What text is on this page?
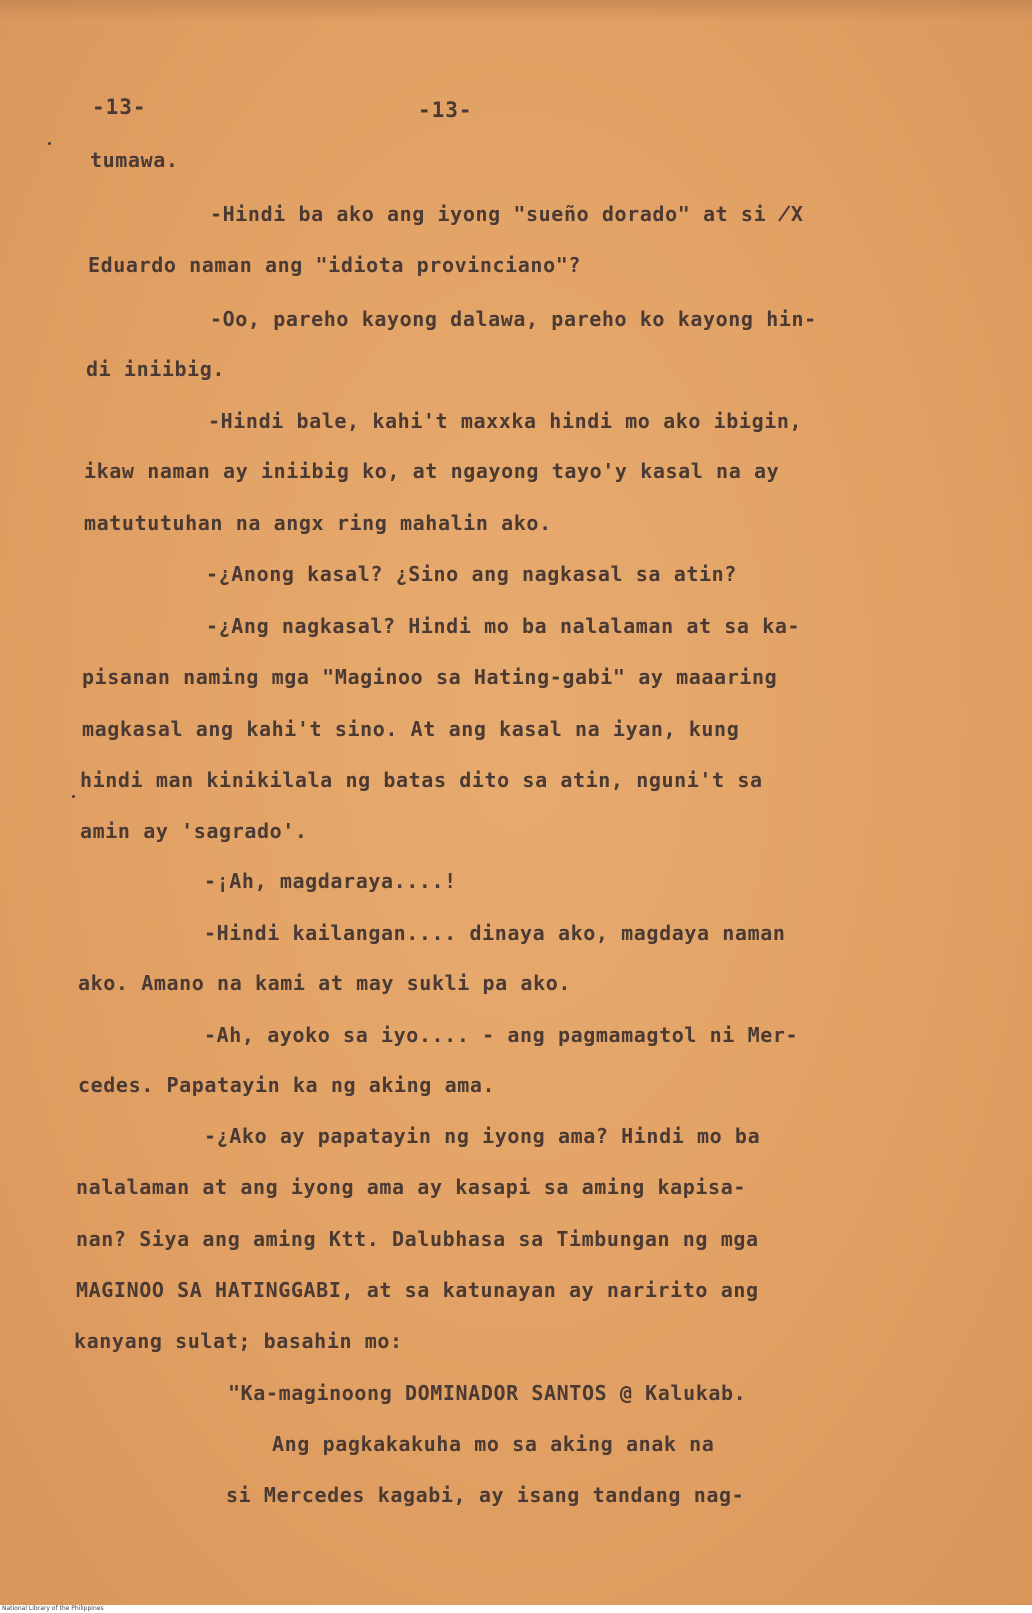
-13-	-13-
tumawa.
-Hindi ba ako ang iyong "sueño dorado" at si ̸X
Eduardo naman ang "idiota provinciano"?
-Oo, pareho kayong dalawa, pareho ko kayong hin-
di iniibig.
-Hindi bale, kahi't maxxka hindi mo ako ibigin,
ikaw naman ay iniibig ko, at ngayong tayo'y kasal na ay
matututuhan na angx ring mahalin ako.
-¿Anong kasal? ¿Sino ang nagkasal sa atin?
-¿Ang nagkasal? Hindi mo ba nalalaman at sa ka-
pisanan naming mga "Maginoo sa Hating-gabi" ay maaaring
magkasal ang kahi't sino. At ang kasal na iyan, kung
hindi man kinikilala ng batas dito sa atin, nguni't sa
amin ay 'sagrado'.
-¡Ah, magdaraya....!
-Hindi kailangan.... dinaya ako, magdaya naman
ako. Amano na kami at may sukli pa ako.
-Ah, ayoko sa iyo.... - ang pagmamagtol ni Mer-
cedes. Papatayin ka ng aking ama.
-¿Ako ay papatayin ng iyong ama? Hindi mo ba
nalalaman at ang iyong ama ay kasapi sa aming kapisa-
nan? Siya ang aming Ktt. Dalubhasa sa Timbungan ng mga
MAGINOO SA HATINGGABI, at sa katunayan ay naririto ang
kanyang sulat; basahin mo:
"Ka-maginoong DOMINADOR SANTOS @ Kalukab.
Ang pagkakakuha mo sa aking anak na
si Mercedes kagabi, ay isang tandang nag-
National Library of the Philippines
